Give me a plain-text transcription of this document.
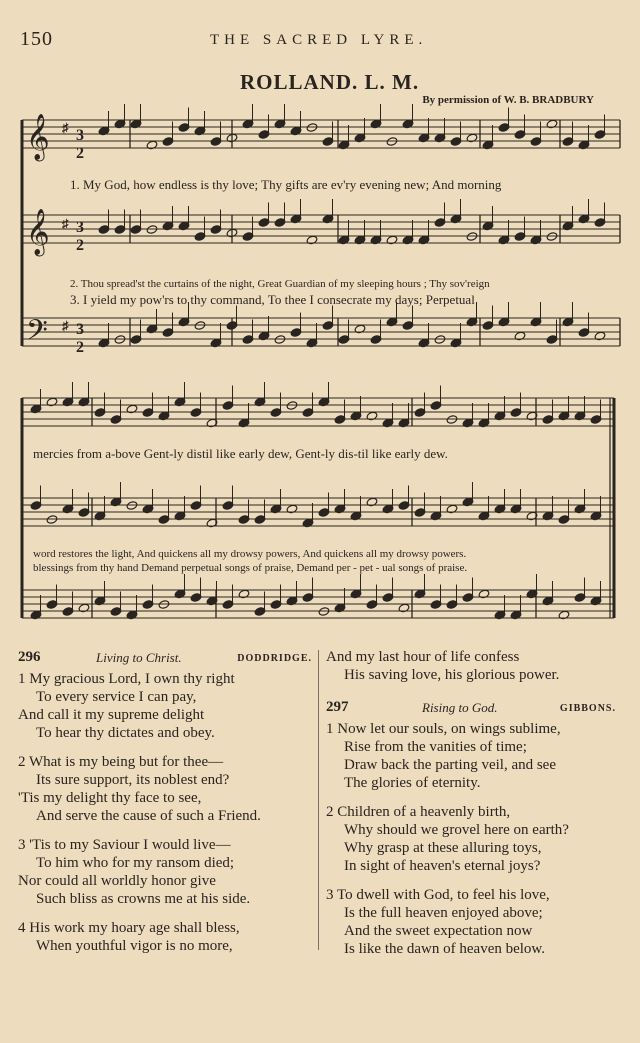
150	THE SACRED LYRE.
ROLLAND. L. M.
By permission of W. B. BRADBURY
𝄞
𝄞
𝄢
♯
♯
♯
3
2
3
2
3
2
1. My God, how endless is thy love; Thy gifts are ev'ry evening new; And morning
2. Thou spread'st the curtains of the night, Great Guardian of my sleeping hours ; Thy sov'reign
3. I yield my pow'rs to thy command, To thee I consecrate my days; Perpetual
mercies from a-bove Gent-ly distil like early dew, Gent-ly dis-til like early dew.
word restores the light, And quickens all my drowsy powers, And quickens all my drowsy powers.
blessings from thy hand Demand perpetual songs of praise, Demand per - pet - ual songs of praise.
296	Living to Christ.	DODDRIDGE.
1 My gracious Lord, I own thy right
To every service I can pay,
And call it my supreme delight
To hear thy dictates and obey.
2 What is my being but for thee—
Its sure support, its noblest end?
'Tis my delight thy face to see,
And serve the cause of such a Friend.
3 'Tis to my Saviour I would live—
To him who for my ransom died;
Nor could all worldly honor give
Such bliss as crowns me at his side.
4 His work my hoary age shall bless,
When youthful vigor is no more,
And my last hour of life confess
His saving love, his glorious power.
297	Rising to God.	GIBBONS.
1 Now let our souls, on wings sublime,
Rise from the vanities of time;
Draw back the parting veil, and see
The glories of eternity.
2 Children of a heavenly birth,
Why should we grovel here on earth?
Why grasp at these alluring toys,
In sight of heaven's eternal joys?
3 To dwell with God, to feel his love,
Is the full heaven enjoyed above;
And the sweet expectation now
Is like the dawn of heaven below.
